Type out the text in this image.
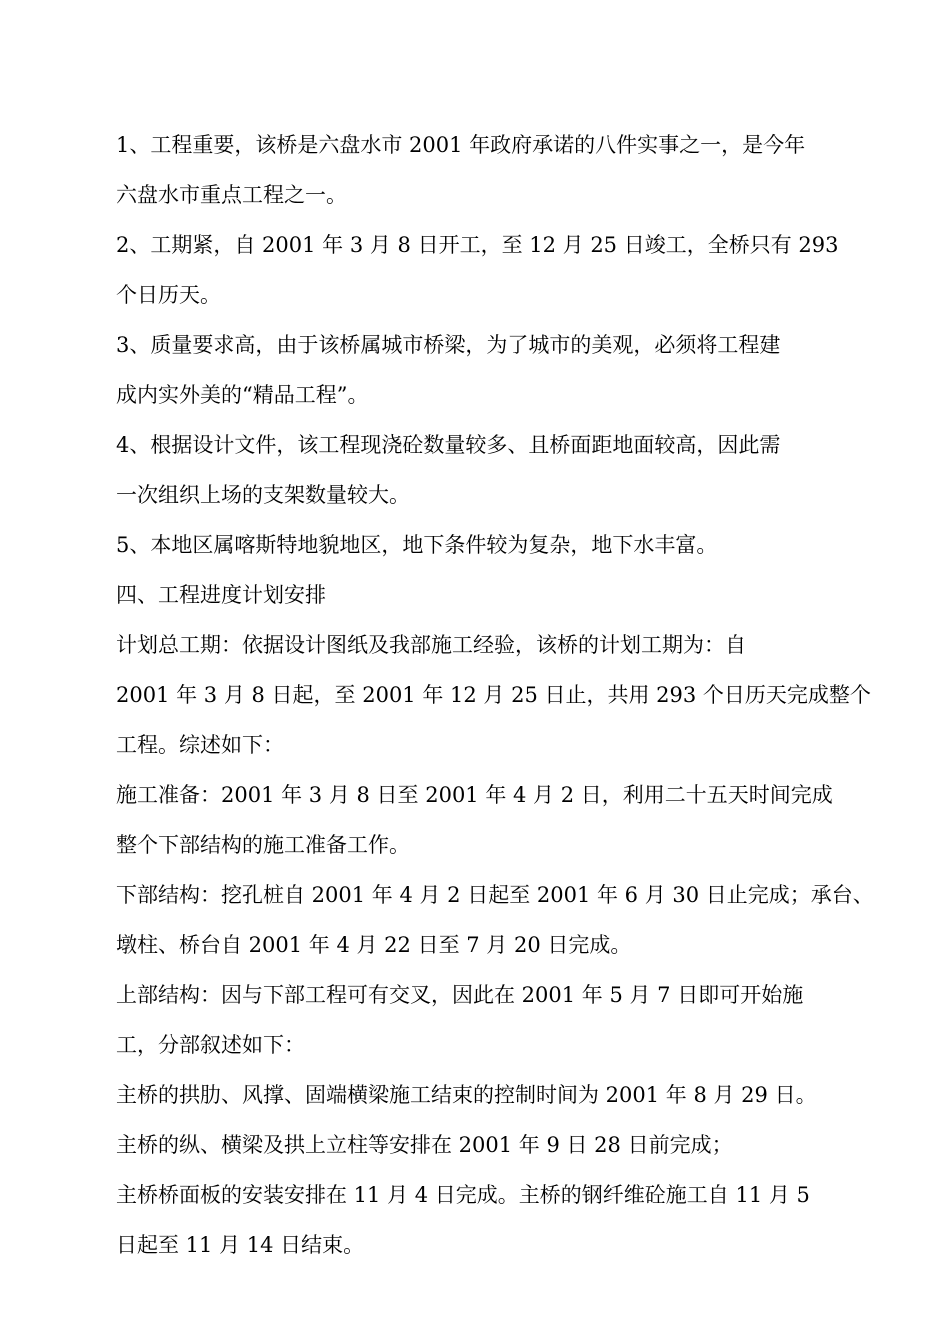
1、工程重要，该桥是六盘水市 2001 年政府承诺的八件实事之一，是今年
六盘水市重点工程之一。
2、工期紧，自 2001 年 3 月 8 日开工，至 12 月 25 日竣工，全桥只有 293
个日历天。
3、质量要求高，由于该桥属城市桥梁，为了城市的美观，必须将工程建
成内实外美的“精品工程”。
4、根据设计文件，该工程现浇砼数量较多、且桥面距地面较高，因此需
一次组织上场的支架数量较大。
5、本地区属喀斯特地貌地区，地下条件较为复杂，地下水丰富。
四、工程进度计划安排
计划总工期：依据设计图纸及我部施工经验，该桥的计划工期为：自
2001 年 3 月 8 日起，至 2001 年 12 月 25 日止，共用 293 个日历天完成整个
工程。综述如下：
施工准备：2001 年 3 月 8 日至 2001 年 4 月 2 日，利用二十五天时间完成
整个下部结构的施工准备工作。
下部结构：挖孔桩自 2001 年 4 月 2 日起至 2001 年 6 月 30 日止完成；承台、
墩柱、桥台自 2001 年 4 月 22 日至 7 月 20 日完成。
上部结构：因与下部工程可有交叉，因此在 2001 年 5 月 7 日即可开始施
工，分部叙述如下：
主桥的拱肋、风撑、固端横梁施工结束的控制时间为 2001 年 8 月 29 日。
主桥的纵、横梁及拱上立柱等安排在 2001 年 9 日 28 日前完成；
主桥桥面板的安装安排在 11 月 4 日完成。主桥的钢纤维砼施工自 11 月 5
日起至 11 月 14 日结束。
